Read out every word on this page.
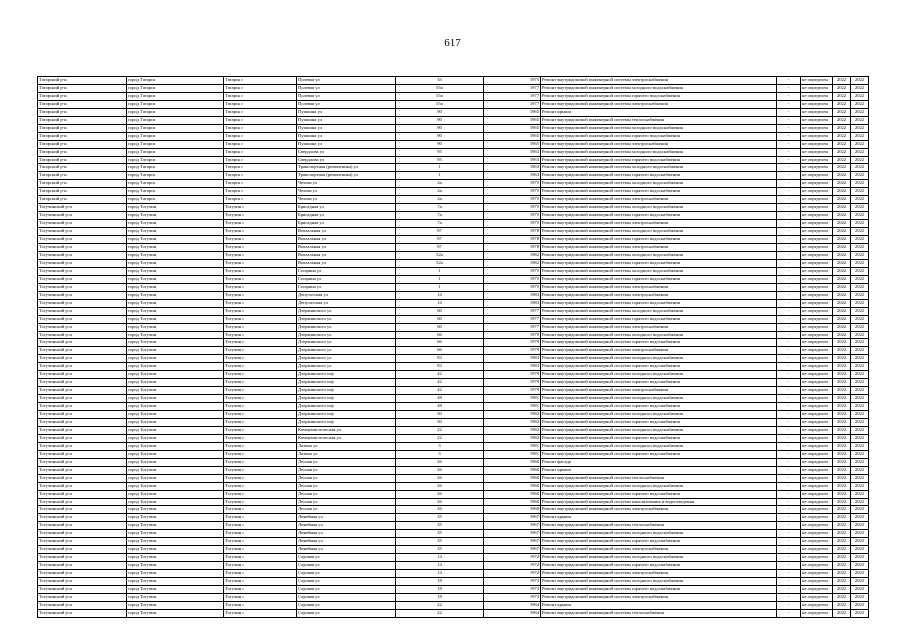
617
Татарский р-н	город Татарск	Татарск г	Полевая ул	33	1975	Ремонт внутридомовой инженерной системы электроснабжения	-	не определен	2022	2022
Татарский р-н	город Татарск	Татарск г	Полевая ул	55а	1977	Ремонт внутридомовой инженерной системы холодного водоснабжения	-	не определен	2022	2022
Татарский р-н	город Татарск	Татарск г	Полевая ул	55а	1977	Ремонт внутридомовой инженерной системы горячего водоснабжения	-	не определен	2022	2022
Татарский р-н	город Татарск	Татарск г	Полевая ул	55а	1977	Ремонт внутридомовой инженерной системы электроснабжения	-	не определен	2022	2022
Татарский р-н	город Татарск	Татарск г	Пушкина ул	90	1965	Ремонт крыши	-	не определен	2022	2022
Татарский р-н	город Татарск	Татарск г	Пушкина ул	90	1965	Ремонт внутридомовой инженерной системы теплоснабжения	-	не определен	2022	2022
Татарский р-н	город Татарск	Татарск г	Пушкина ул	90	1965	Ремонт внутридомовой инженерной системы холодного водоснабжения	-	не определен	2022	2022
Татарский р-н	город Татарск	Татарск г	Пушкина ул	90	1965	Ремонт внутридомовой инженерной системы горячего водоснабжения	-	не определен	2022	2022
Татарский р-н	город Татарск	Татарск г	Пушкина ул	90	1965	Ремонт внутридомовой инженерной системы электроснабжения	-	не определен	2022	2022
Татарский р-н	город Татарск	Татарск г	Свердлова ул	95	1963	Ремонт внутридомовой инженерной системы холодного водоснабжения	-	не определен	2022	2022
Татарский р-н	город Татарск	Татарск г	Свердлова ул	95	1963	Ремонт внутридомовой инженерной системы горячего водоснабжения	-	не определен	2022	2022
Татарский р-н	город Татарск	Татарск г	Транспортная (ремонтника) ул	1	1963	Ремонт внутридомовой инженерной системы холодного водоснабжения	-	не определен	2022	2022
Татарский р-н	город Татарск	Татарск г	Транспортная (ремонтника) ул	1	1963	Ремонт внутридомовой инженерной системы горячего водоснабжения	-	не определен	2022	2022
Татарский р-н	город Татарск	Татарск г	Чехова ул	2а	1975	Ремонт внутридомовой инженерной системы холодного водоснабжения	-	не определен	2022	2022
Татарский р-н	город Татарск	Татарск г	Чехова ул	2а	1975	Ремонт внутридомовой инженерной системы горячего водоснабжения	-	не определен	2022	2022
Татарский р-н	город Татарск	Татарск г	Чехова ул	2а	1975	Ремонт внутридомовой инженерной системы электроснабжения	-	не определен	2022	2022
Тогучинский р-н	город Тогучин	Тогучин г	Бригадная ул	7а	1975	Ремонт внутридомовой инженерной системы холодного водоснабжения	-	не определен	2022	2022
Тогучинский р-н	город Тогучин	Тогучин г	Бригадная ул	7а	1975	Ремонт внутридомовой инженерной системы горячего водоснабжения	-	не определен	2022	2022
Тогучинский р-н	город Тогучин	Тогучин г	Бригадная ул	7а	1975	Ремонт внутридомовой инженерной системы электроснабжения	-	не определен	2022	2022
Тогучинский р-н	город Тогучин	Тогучин г	Вокзальная ул	87	1978	Ремонт внутридомовой инженерной системы холодного водоснабжения	-	не определен	2022	2022
Тогучинский р-н	город Тогучин	Тогучин г	Вокзальная ул	87	1978	Ремонт внутридомовой инженерной системы горячего водоснабжения	-	не определен	2022	2022
Тогучинский р-н	город Тогучин	Тогучин г	Вокзальная ул	87	1978	Ремонт внутридомовой инженерной системы электроснабжения	-	не определен	2022	2022
Тогучинский р-н	город Тогучин	Тогучин г	Вокзальная ул	52а	1982	Ремонт внутридомовой инженерной системы холодного водоснабжения	-	не определен	2022	2022
Тогучинский р-н	город Тогучин	Тогучин г	Вокзальная ул	52а	1982	Ремонт внутридомовой инженерной системы горячего водоснабжения	-	не определен	2022	2022
Тогучинский р-н	город Тогучин	Тогучин г	Гагарина ул	1	1975	Ремонт внутридомовой инженерной системы холодного водоснабжения	-	не определен	2022	2022
Тогучинский р-н	город Тогучин	Тогучин г	Гагарина ул	1	1975	Ремонт внутридомовой инженерной системы горячего водоснабжения	-	не определен	2022	2022
Тогучинский р-н	город Тогучин	Тогучин г	Гагарина ул	1	1975	Ремонт внутридомовой инженерной системы электроснабжения	-	не определен	2022	2022
Тогучинский р-н	город Тогучин	Тогучин г	Депутатская ул	14	1983	Ремонт внутридомовой инженерной системы электроснабжения	-	не определен	2022	2022
Тогучинский р-н	город Тогучин	Тогучин г	Депутатская ул	14	1983	Ремонт внутридомовой инженерной системы горячего водоснабжения	-	не определен	2022	2022
Тогучинский р-н	город Тогучин	Тогучин г	Дзержинского ул	60	1977	Ремонт внутридомовой инженерной системы холодного водоснабжения	-	не определен	2022	2022
Тогучинский р-н	город Тогучин	Тогучин г	Дзержинского ул	60	1977	Ремонт внутридомовой инженерной системы горячего водоснабжения	-	не определен	2022	2022
Тогучинский р-н	город Тогучин	Тогучин г	Дзержинского ул	60	1977	Ремонт внутридомовой инженерной системы электроснабжения	-	не определен	2022	2022
Тогучинский р-н	город Тогучин	Тогучин г	Дзержинского ул	66	1979	Ремонт внутридомовой инженерной системы холодного водоснабжения	-	не определен	2022	2022
Тогучинский р-н	город Тогучин	Тогучин г	Дзержинского ул	66	1979	Ремонт внутридомовой инженерной системы горячего водоснабжения	-	не определен	2022	2022
Тогучинский р-н	город Тогучин	Тогучин г	Дзержинского ул	66	1979	Ремонт внутридомовой инженерной системы электроснабжения	-	не определен	2022	2022
Тогучинский р-н	город Тогучин	Тогучин г	Дзержинского ул	83	1983	Ремонт внутридомовой инженерной системы холодного водоснабжения	-	не определен	2022	2022
Тогучинский р-н	город Тогучин	Тогучин г	Дзержинского ул	83	1983	Ремонт внутридомовой инженерной системы горячего водоснабжения	-	не определен	2022	2022
Тогучинский р-н	город Тогучин	Тогучин г	Дзержинского пер	42	1979	Ремонт внутридомовой инженерной системы холодного водоснабжения	-	не определен	2022	2022
Тогучинский р-н	город Тогучин	Тогучин г	Дзержинского пер	42	1979	Ремонт внутридомовой инженерной системы горячего водоснабжения	-	не определен	2022	2022
Тогучинский р-н	город Тогучин	Тогучин г	Дзержинского пер	42	1979	Ремонт внутридомовой инженерной системы электроснабжения	-	не определен	2022	2022
Тогучинский р-н	город Тогучин	Тогучин г	Дзержинского пер	48	1981	Ремонт внутридомовой инженерной системы холодного водоснабжения	-	не определен	2022	2022
Тогучинский р-н	город Тогучин	Тогучин г	Дзержинского пер	48	1981	Ремонт внутридомовой инженерной системы горячего водоснабжения	-	не определен	2022	2022
Тогучинский р-н	город Тогучин	Тогучин г	Дзержинского пер	50	1982	Ремонт внутридомовой инженерной системы холодного водоснабжения	-	не определен	2022	2022
Тогучинский р-н	город Тогучин	Тогучин г	Дзержинского пер	50	1982	Ремонт внутридомовой инженерной системы горячего водоснабжения	-	не определен	2022	2022
Тогучинский р-н	город Тогучин	Тогучин г	Коммунистическая ул	22	1982	Ремонт внутридомовой инженерной системы холодного водоснабжения	-	не определен	2022	2022
Тогучинский р-н	город Тогучин	Тогучин г	Коммунистическая ул	22	1982	Ремонт внутридомовой инженерной системы горячего водоснабжения	-	не определен	2022	2022
Тогучинский р-н	город Тогучин	Тогучин г	Лазина ул	3	1981	Ремонт внутридомовой инженерной системы холодного водоснабжения	-	не определен	2022	2022
Тогучинский р-н	город Тогучин	Тогучин г	Лазина ул	3	1981	Ремонт внутридомовой инженерной системы горячего водоснабжения	-	не определен	2022	2022
Тогучинский р-н	город Тогучин	Тогучин г	Лесная ул	26	1960	Ремонт фасада	-	не определен	2022	2022
Тогучинский р-н	город Тогучин	Тогучин г	Лесная ул	26	1960	Ремонт крыши	-	не определен	2022	2022
Тогучинский р-н	город Тогучин	Тогучин г	Лесная ул	26	1960	Ремонт внутридомовой инженерной системы теплоснабжения	-	не определен	2022	2022
Тогучинский р-н	город Тогучин	Тогучин г	Лесная ул	26	1960	Ремонт внутридомовой инженерной системы холодного водоснабжения	-	не определен	2022	2022
Тогучинский р-н	город Тогучин	Тогучин г	Лесная ул	26	1960	Ремонт внутридомовой инженерной системы горячего водоснабжения	-	не определен	2022	2022
Тогучинский р-н	город Тогучин	Тогучин г	Лесная ул	26	1960	Ремонт внутридомовой инженерной системы канализования и водоотведения	-	не определен	2022	2022
Тогучинский р-н	город Тогучин	Тогучин г	Лесная ул	26	1960	Ремонт внутридомовой инженерной системы электроснабжения	-	не определен	2022	2022
Тогучинский р-н	город Тогучин	Тогучин г	Линейная ул	35	1967	Ремонт крыши	-	не определен	2022	2022
Тогучинский р-н	город Тогучин	Тогучин г	Линейная ул	35	1967	Ремонт внутридомовой инженерной системы теплоснабжения	-	не определен	2022	2022
Тогучинский р-н	город Тогучин	Тогучин г	Линейная ул	35	1967	Ремонт внутридомовой инженерной системы холодного водоснабжения	-	не определен	2022	2022
Тогучинский р-н	город Тогучин	Тогучин г	Линейная ул	35	1967	Ремонт внутридомовой инженерной системы горячего водоснабжения	-	не определен	2022	2022
Тогучинский р-н	город Тогучин	Тогучин г	Линейная ул	35	1967	Ремонт внутридомовой инженерной системы электроснабжения	-	не определен	2022	2022
Тогучинский р-н	город Тогучин	Тогучин г	Садовая ул	14	1972	Ремонт внутридомовой инженерной системы холодного водоснабжения	-	не определен	2022	2022
Тогучинский р-н	город Тогучин	Тогучин г	Садовая ул	14	1972	Ремонт внутридомовой инженерной системы горячего водоснабжения	-	не определен	2022	2022
Тогучинский р-н	город Тогучин	Тогучин г	Садовая ул	14	1972	Ремонт внутридомовой инженерной системы электроснабжения	-	не определен	2022	2022
Тогучинский р-н	город Тогучин	Тогучин г	Садовая ул	18	1973	Ремонт внутридомовой инженерной системы холодного водоснабжения	-	не определен	2022	2022
Тогучинский р-н	город Тогучин	Тогучин г	Садовая ул	18	1973	Ремонт внутридомовой инженерной системы горячего водоснабжения	-	не определен	2022	2022
Тогучинский р-н	город Тогучин	Тогучин г	Садовая ул	18	1973	Ремонт внутридомовой инженерной системы электроснабжения	-	не определен	2022	2022
Тогучинский р-н	город Тогучин	Тогучин г	Садовая ул	22	1964	Ремонт крыши	-	не определен	2022	2022
Тогучинский р-н	город Тогучин	Тогучин г	Садовая ул	22	1964	Ремонт внутридомовой инженерной системы теплоснабжения	-	не определен	2022	2022
